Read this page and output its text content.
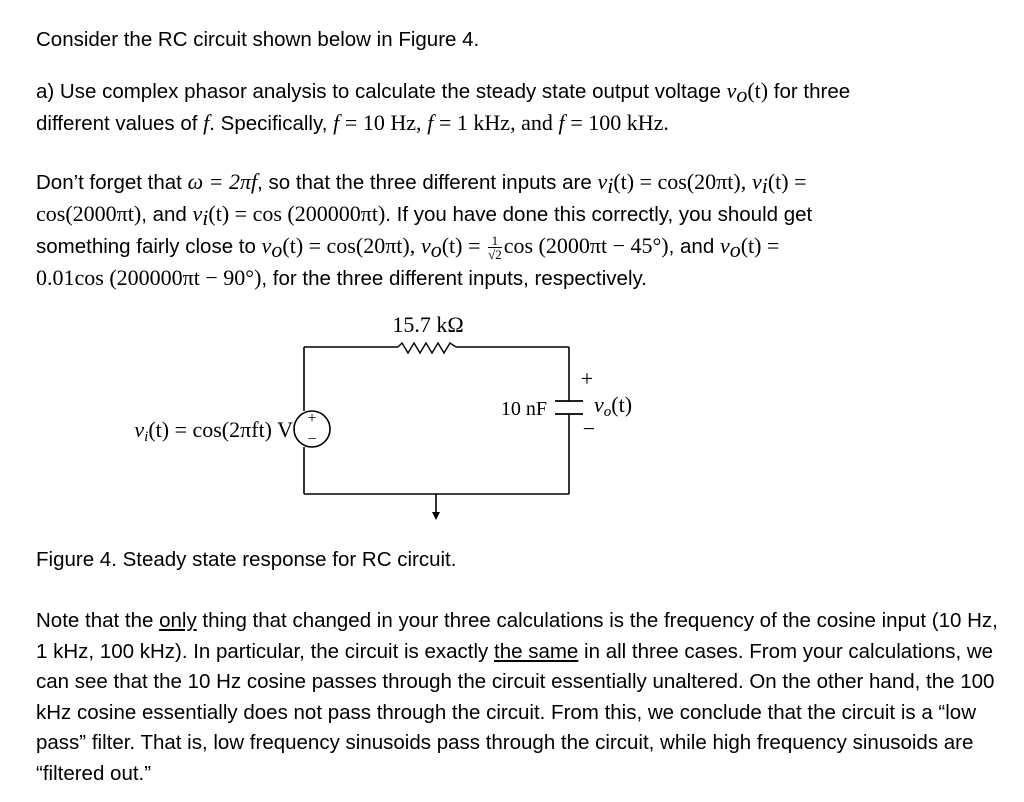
Consider the RC circuit shown below in Figure 4.

a) Use complex phasor analysis to calculate the steady state output voltage $v_o(t)$ for three
different values of f. Specifically, f = 10 Hz, f = 1 kHz, and f = 100 kHz.

Don’t forget that ω = 2πf, so that the three different inputs are $v_i(t) = \cos(20\pi t)$, $v_i(t)$ =
cos(2000πt), and $v_i(t) = \cos (200000\pi t)$. If you have done this correctly, you should get
something fairly close to $v_o(t) = \cos(20\pi t)$, $v_o(t) = \frac{1}{√2}$ cos (2000πt − 45°), and $v_o(t)$ =
0.01cos (200000πt − 90°), for the three different inputs, respectively.

15.7 kΩ
10 nF
+
−
vi(t) = cos(2πft) V
+
−
vo(t)

Figure 4. Steady state response for RC circuit.

Note that the only thing that changed in your three calculations is the frequency of the cosine input (10 Hz, 1 kHz, 100 kHz). In particular, the circuit is exactly the same in all three cases. From your calculations, we can see that the 10 Hz cosine passes through the circuit essentially unaltered. On the other hand, the 100 kHz cosine essentially does not pass through the circuit. From this, we conclude that the circuit is a “low pass” filter. That is, low frequency sinusoids pass through the circuit, while high frequency sinusoids are “filtered out.”
